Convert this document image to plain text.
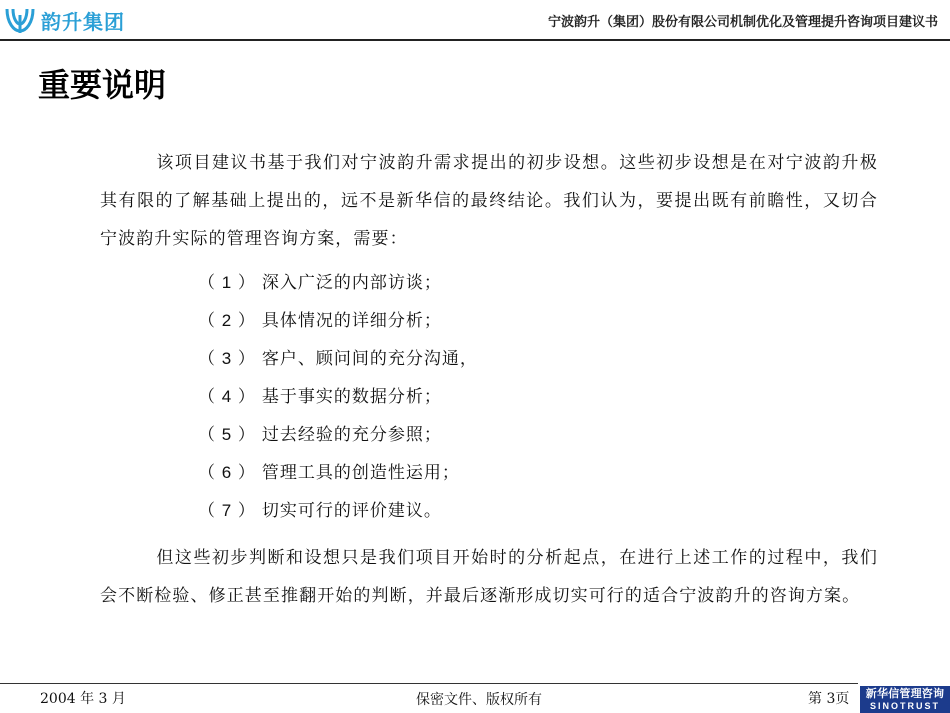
韵升集团	宁波韵升（集团）股份有限公司机制优化及管理提升咨询项目建议书
重要说明

该项目建议书基于我们对宁波韵升需求提出的初步设想。这些初步设想是在对宁波韵升极其有限的了解基础上提出的，远不是新华信的最终结论。我们认为，要提出既有前瞻性，又切合宁波韵升实际的管理咨询方案，需要：

（ 1 ） 深入广泛的内部访谈；
（ 2 ） 具体情况的详细分析；
（ 3 ） 客户、顾问间的充分沟通，
（ 4 ） 基于事实的数据分析；
（ 5 ） 过去经验的充分参照；
（ 6 ） 管理工具的创造性运用；
（ 7 ） 切实可行的评价建议。

但这些初步判断和设想只是我们项目开始时的分析起点，在进行上述工作的过程中，我们会不断检验、修正甚至推翻开始的判断，并最后逐渐形成切实可行的适合宁波韵升的咨询方案。

2004 年 3 月	保密文件、版权所有	第 3页	新华信管理咨询
SINOTRUST
